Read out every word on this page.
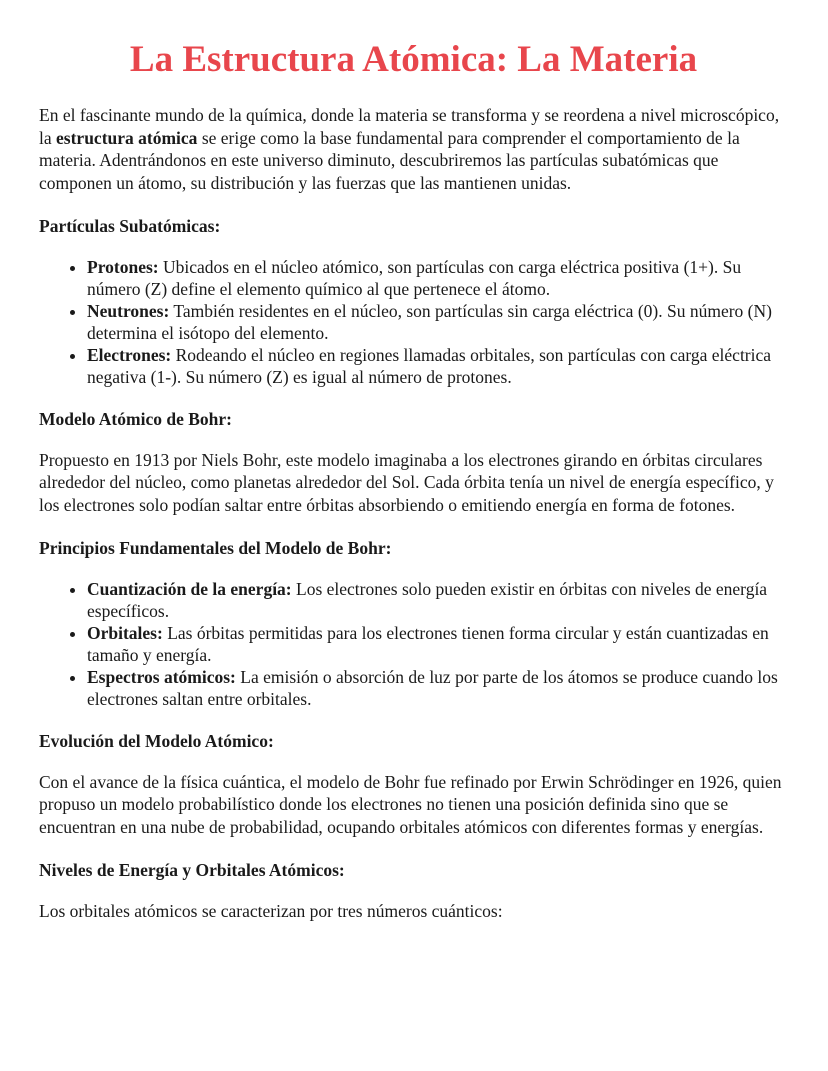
La Estructura Atómica: La Materia

En el fascinante mundo de la química, donde la materia se transforma y se reordena a nivel microscópico, la estructura atómica se erige como la base fundamental para comprender el comportamiento de la materia. Adentrándonos en este universo diminuto, descubriremos las partículas subatómicas que componen un átomo, su distribución y las fuerzas que las mantienen unidas.

Partículas Subatómicas:
• Protones: Ubicados en el núcleo atómico, son partículas con carga eléctrica positiva (1+). Su número (Z) define el elemento químico al que pertenece el átomo.
• Neutrones: También residentes en el núcleo, son partículas sin carga eléctrica (0). Su número (N) determina el isótopo del elemento.
• Electrones: Rodeando el núcleo en regiones llamadas orbitales, son partículas con carga eléctrica negativa (1-). Su número (Z) es igual al número de protones.
Modelo Atómico de Bohr:

Propuesto en 1913 por Niels Bohr, este modelo imaginaba a los electrones girando en órbitas circulares alrededor del núcleo, como planetas alrededor del Sol. Cada órbita tenía un nivel de energía específico, y los electrones solo podían saltar entre órbitas absorbiendo o emitiendo energía en forma de fotones.

Principios Fundamentales del Modelo de Bohr:
• Cuantización de la energía: Los electrones solo pueden existir en órbitas con niveles de energía específicos.
• Orbitales: Las órbitas permitidas para los electrones tienen forma circular y están cuantizadas en tamaño y energía.
• Espectros atómicos: La emisión o absorción de luz por parte de los átomos se produce cuando los electrones saltan entre orbitales.
Evolución del Modelo Atómico:

Con el avance de la física cuántica, el modelo de Bohr fue refinado por Erwin Schrödinger en 1926, quien propuso un modelo probabilístico donde los electrones no tienen una posición definida sino que se encuentran en una nube de probabilidad, ocupando orbitales atómicos con diferentes formas y energías.

Niveles de Energía y Orbitales Atómicos:

Los orbitales atómicos se caracterizan por tres números cuánticos:
